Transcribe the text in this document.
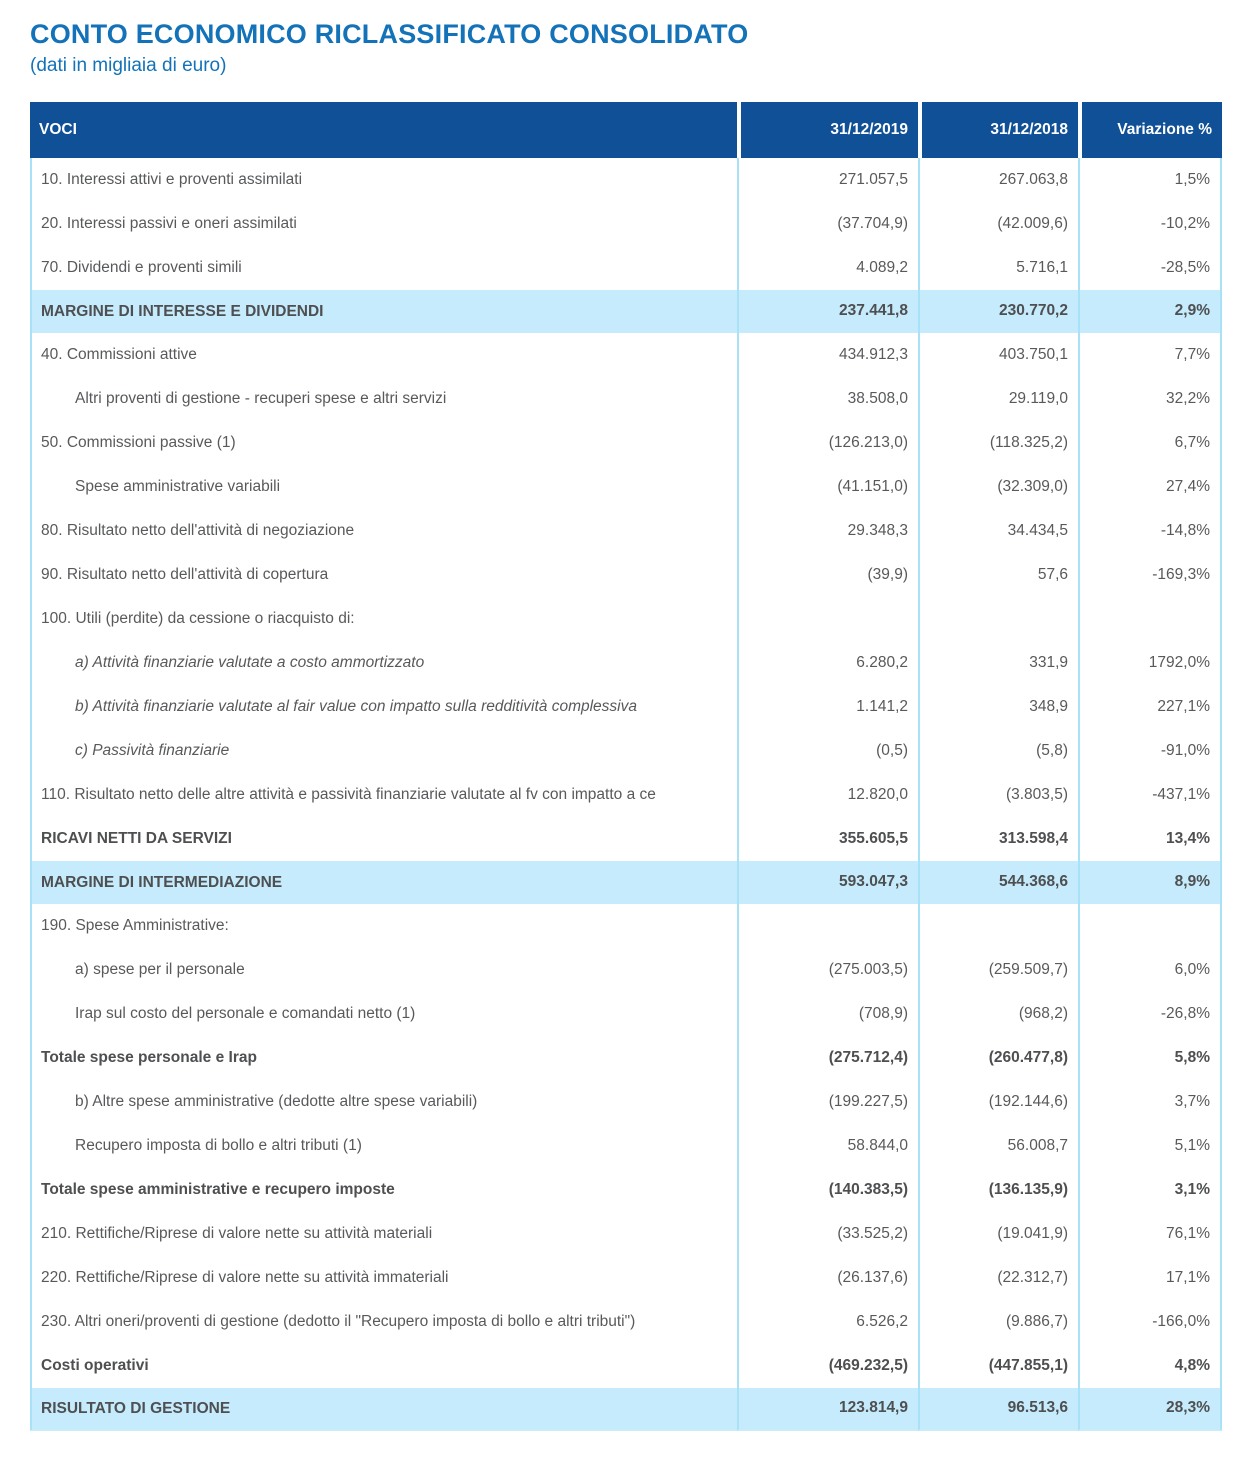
CONTO ECONOMICO RICLASSIFICATO CONSOLIDATO

(dati in migliaia di euro)

VOCI	31/12/2019	31/12/2018	Variazione %
10. Interessi attivi e proventi assimilati	271.057,5	267.063,8	1,5%
20. Interessi passivi e oneri assimilati	(37.704,9)	(42.009,6)	-10,2%
70. Dividendi e proventi simili	4.089,2	5.716,1	-28,5%
MARGINE DI INTERESSE E DIVIDENDI	237.441,8	230.770,2	2,9%
40. Commissioni attive	434.912,3	403.750,1	7,7%
Altri proventi di gestione - recuperi spese e altri servizi	38.508,0	29.119,0	32,2%
50. Commissioni passive (1)	(126.213,0)	(118.325,2)	6,7%
Spese amministrative variabili	(41.151,0)	(32.309,0)	27,4%
80. Risultato netto dell'attività di negoziazione	29.348,3	34.434,5	-14,8%
90. Risultato netto dell'attività di copertura	(39,9)	57,6	-169,3%
100. Utili (perdite) da cessione o riacquisto di:			
a) Attività finanziarie valutate a costo ammortizzato	6.280,2	331,9	1792,0%
b) Attività finanziarie valutate al fair value con impatto sulla redditività complessiva	1.141,2	348,9	227,1%
c) Passività finanziarie	(0,5)	(5,8)	-91,0%
110. Risultato netto delle altre attività e passività finanziarie valutate al fv con impatto a ce	12.820,0	(3.803,5)	-437,1%
RICAVI NETTI DA SERVIZI	355.605,5	313.598,4	13,4%
MARGINE DI INTERMEDIAZIONE	593.047,3	544.368,6	8,9%
190. Spese Amministrative:			
a) spese per il personale	(275.003,5)	(259.509,7)	6,0%
Irap sul costo del personale e comandati netto (1)	(708,9)	(968,2)	-26,8%
Totale spese personale e Irap	(275.712,4)	(260.477,8)	5,8%
b) Altre spese amministrative (dedotte altre spese variabili)	(199.227,5)	(192.144,6)	3,7%
Recupero imposta di bollo e altri tributi (1)	58.844,0	56.008,7	5,1%
Totale spese amministrative e recupero imposte	(140.383,5)	(136.135,9)	3,1%
210. Rettifiche/Riprese di valore nette su attività materiali	(33.525,2)	(19.041,9)	76,1%
220. Rettifiche/Riprese di valore nette su attività immateriali	(26.137,6)	(22.312,7)	17,1%
230. Altri oneri/proventi di gestione (dedotto il "Recupero imposta di bollo e altri tributi")	6.526,2	(9.886,7)	-166,0%
Costi operativi	(469.232,5)	(447.855,1)	4,8%
RISULTATO DI GESTIONE	123.814,9	96.513,6	28,3%
